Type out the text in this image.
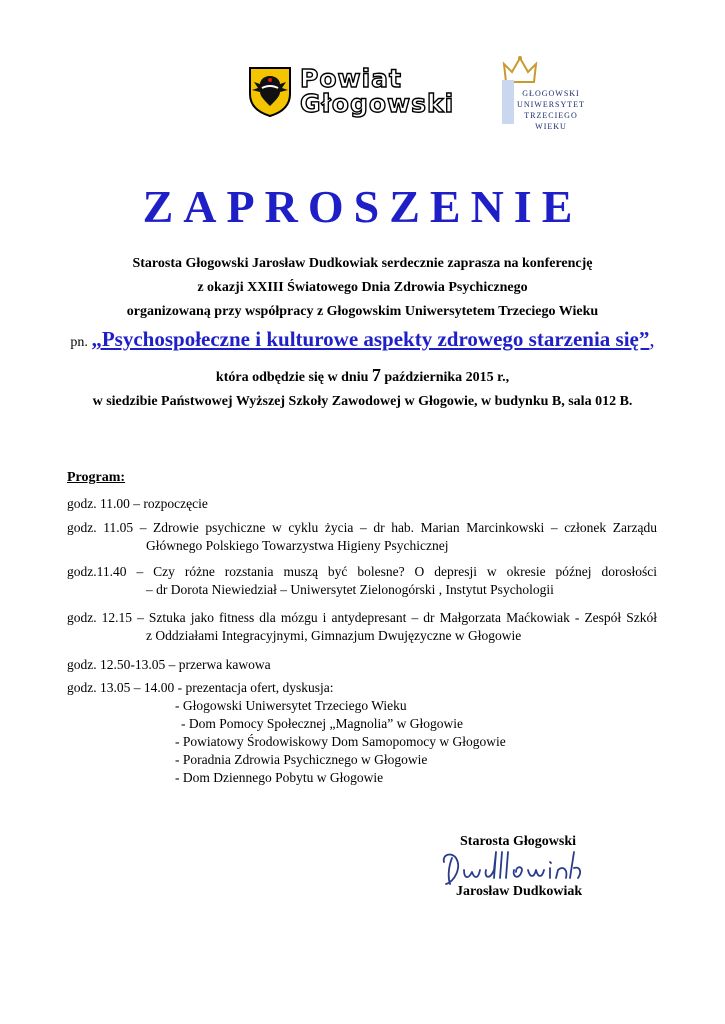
Powiat
Głogowski	GŁOGOWSKI
UNIWERSYTET
TRZECIEGO WIEKU
ZAPROSZENIE
Starosta Głogowski Jarosław Dudkowiak serdecznie zaprasza na konferencję
z okazji XXIII Światowego Dnia Zdrowia Psychicznego
organizowaną przy współpracy z Głogowskim Uniwersytetem Trzeciego Wieku
pn. „Psychospołeczne i kulturowe aspekty zdrowego starzenia się”,
która odbędzie się w dniu 7 października 2015 r.,
w siedzibie Państwowej Wyższej Szkoły Zawodowej w Głogowie, w budynku B, sala 012 B.
Program:
godz. 11.00 – rozpoczęcie
godz. 11.05 – Zdrowie psychiczne w cyklu życia – dr hab. Marian Marcinkowski – członek Zarządu
Głównego Polskiego Towarzystwa Higieny Psychicznej
godz.11.40 – Czy różne rozstania muszą być bolesne? O depresji w okresie późnej dorosłości
– dr Dorota Niewiedział – Uniwersytet Zielonogórski , Instytut Psychologii
godz. 12.15 – Sztuka jako fitness dla mózgu i antydepresant – dr Małgorzata Maćkowiak - Zespół Szkół
z Oddziałami Integracyjnymi, Gimnazjum Dwujęzyczne w Głogowie
godz. 12.50-13.05 – przerwa kawowa
godz. 13.05 – 14.00 - prezentacja ofert, dyskusja:
- Głogowski Uniwersytet Trzeciego Wieku
- Dom Pomocy Społecznej „Magnolia” w Głogowie
- Powiatowy Środowiskowy Dom Samopomocy w Głogowie
- Poradnia Zdrowia Psychicznego w Głogowie
- Dom Dziennego Pobytu w Głogowie
Starosta Głogowski
Jarosław Dudkowiak
